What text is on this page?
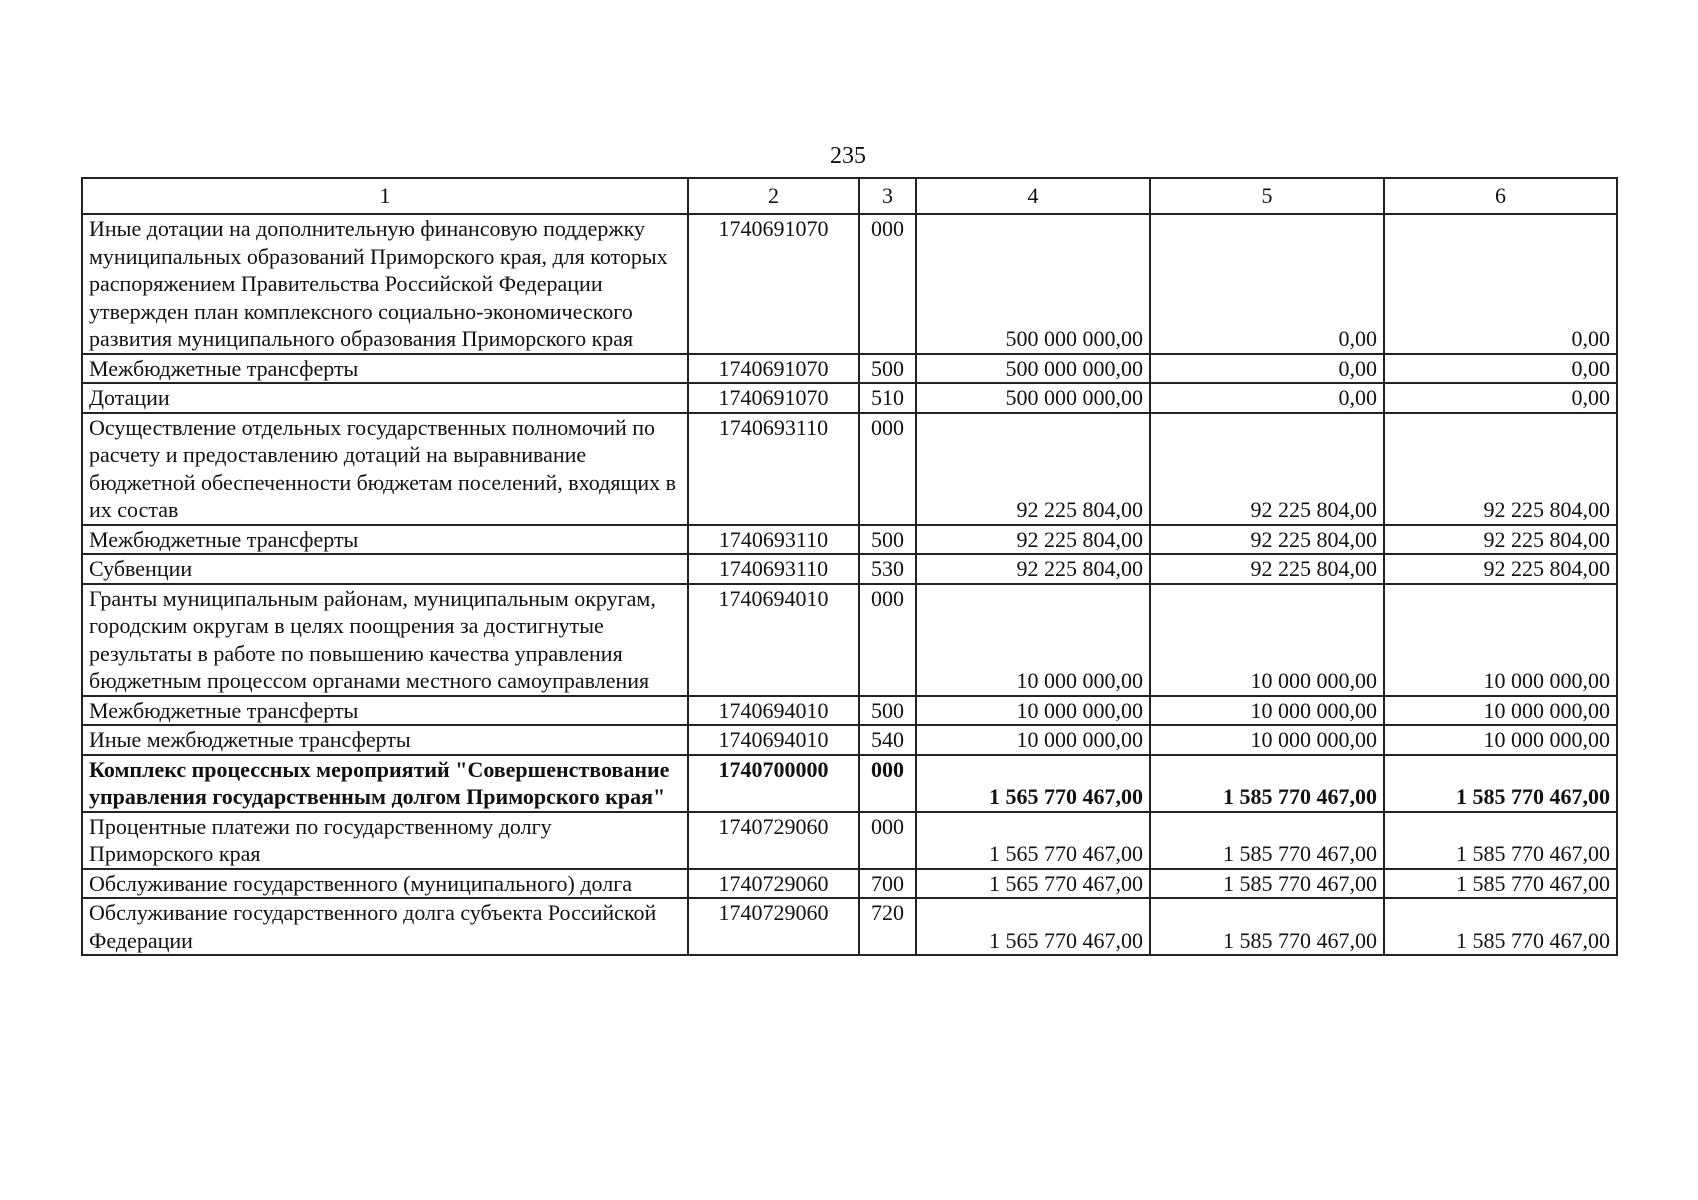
235
1	2	3	4	5	6
Иные дотации на дополнительную финансовую поддержку муниципальных образований Приморского края, для которых распоряжением Правительства Российской Федерации утвержден план комплексного социально-экономического развития муниципального образования Приморского края	1740691070	000	500 000 000,00	0,00	0,00
Межбюджетные трансферты	1740691070	500	500 000 000,00	0,00	0,00
Дотации	1740691070	510	500 000 000,00	0,00	0,00
Осуществление отдельных государственных полномочий по расчету и предоставлению дотаций на выравнивание бюджетной обеспеченности бюджетам поселений, входящих в их состав	1740693110	000	92 225 804,00	92 225 804,00	92 225 804,00
Межбюджетные трансферты	1740693110	500	92 225 804,00	92 225 804,00	92 225 804,00
Субвенции	1740693110	530	92 225 804,00	92 225 804,00	92 225 804,00
Гранты муниципальным районам, муниципальным округам, городским округам в целях поощрения за достигнутые результаты в работе по повышению качества управления бюджетным процессом органами местного самоуправления	1740694010	000	10 000 000,00	10 000 000,00	10 000 000,00
Межбюджетные трансферты	1740694010	500	10 000 000,00	10 000 000,00	10 000 000,00
Иные межбюджетные трансферты	1740694010	540	10 000 000,00	10 000 000,00	10 000 000,00
Комплекс процессных мероприятий "Совершенствование управления государственным долгом Приморского края"	1740700000	000	1 565 770 467,00	1 585 770 467,00	1 585 770 467,00
Процентные платежи по государственному долгу Приморского края	1740729060	000	1 565 770 467,00	1 585 770 467,00	1 585 770 467,00
Обслуживание государственного (муниципального) долга	1740729060	700	1 565 770 467,00	1 585 770 467,00	1 585 770 467,00
Обслуживание государственного долга субъекта Российской Федерации	1740729060	720	1 565 770 467,00	1 585 770 467,00	1 585 770 467,00
